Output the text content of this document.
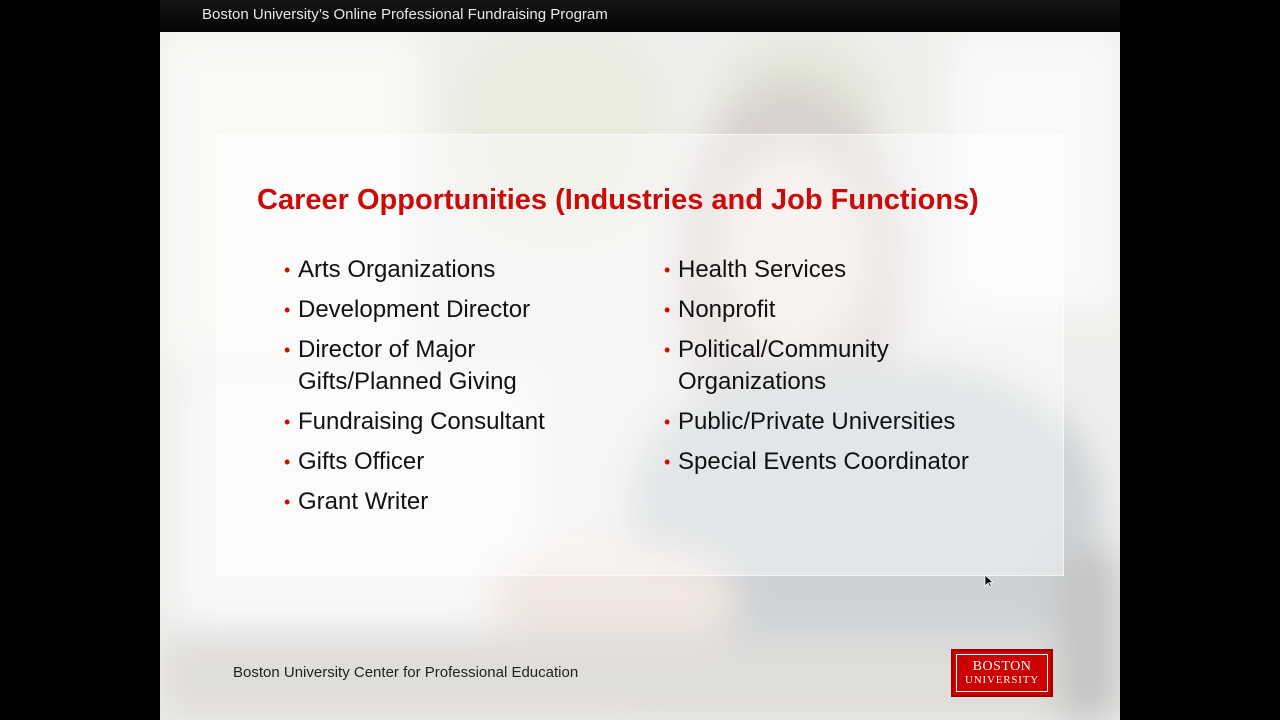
Boston University’s Online Professional Fundraising Program
Career Opportunities (Industries and Job Functions)
• Arts Organizations
• Development Director
• Director of Major Gifts/Planned Giving
• Fundraising Consultant
• Gifts Officer
• Grant Writer
• Health Services
• Nonprofit
• Political/Community Organizations
• Public/Private Universities
• Special Events Coordinator
Boston University Center for Professional Education	BOSTON
UNIVERSITY
